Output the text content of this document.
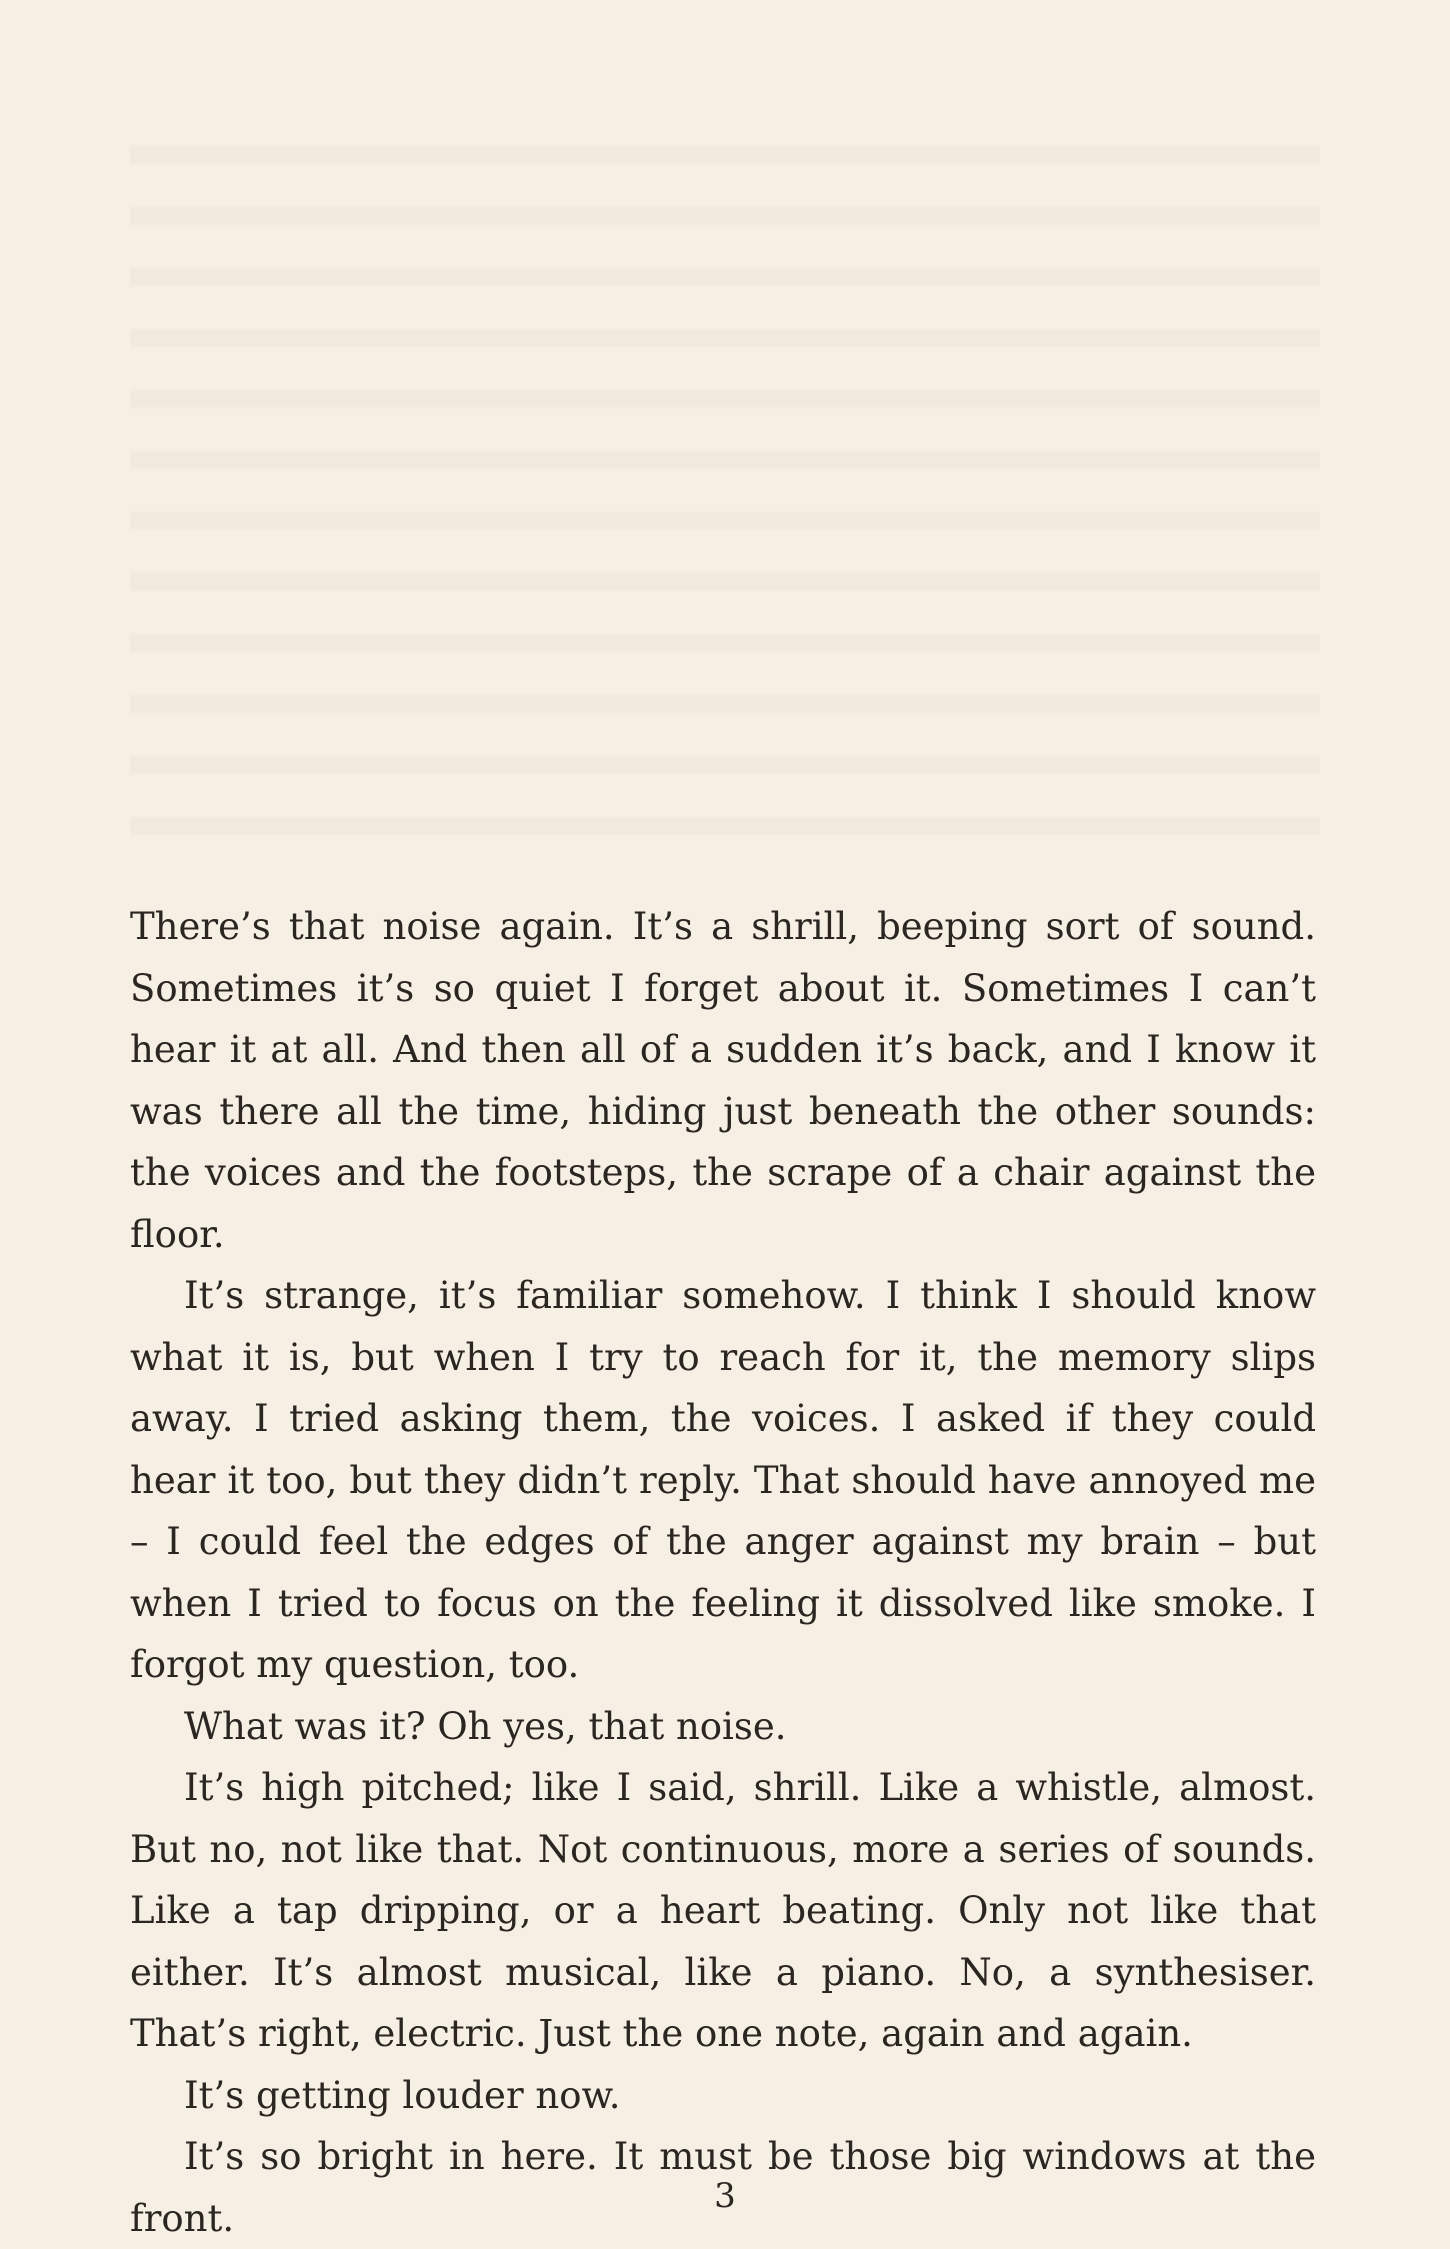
There’s that noise again. It’s a shrill, beeping sort of sound. Sometimes it’s so quiet I forget about it. Sometimes I can’t hear it at all. And then all of a sudden it’s back, and I know it was there all the time, hiding just beneath the other sounds: the voices and the footsteps, the scrape of a chair against the floor.

It’s strange, it’s familiar somehow. I think I should know what it is, but when I try to reach for it, the memory slips away. I tried asking them, the voices. I asked if they could hear it too, but they didn’t reply. That should have annoyed me – I could feel the edges of the anger against my brain – but when I tried to focus on the feeling it dissolved like smoke. I forgot my question, too.

What was it? Oh yes, that noise.

It’s high pitched; like I said, shrill. Like a whistle, almost. But no, not like that. Not continuous, more a series of sounds. Like a tap dripping, or a heart beating. Only not like that either. It’s almost musical, like a piano. No, a synthesiser. That’s right, electric. Just the one note, again and again.

It’s getting louder now.

It’s so bright in here. It must be those big windows at the front.

3
